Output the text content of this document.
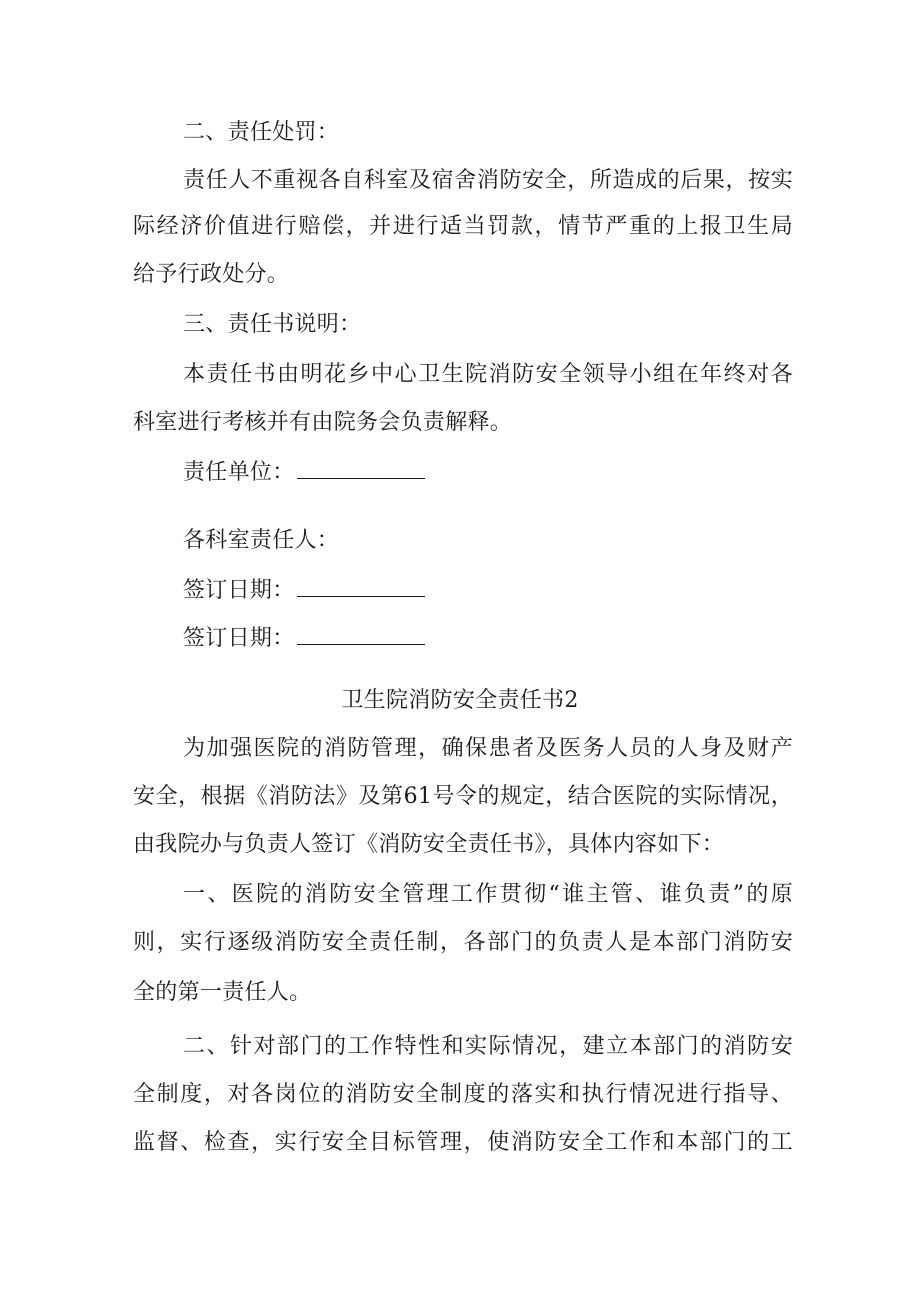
二、责任处罚：
责任人不重视各自科室及宿舍消防安全，所造成的后果，按实
际经济价值进行赔偿，并进行适当罚款，情节严重的上报卫生局
给予行政处分。
三、责任书说明：
本责任书由明花乡中心卫生院消防安全领导小组在年终对各
科室进行考核并有由院务会负责解释。
责任单位：
各科室责任人：
签订日期：
签订日期：
卫生院消防安全责任书2
为加强医院的消防管理，确保患者及医务人员的人身及财产
安全，根据《消防法》及第61号令的规定，结合医院的实际情况，
由我院办与负责人签订《消防安全责任书》，具体内容如下：
一、医院的消防安全管理工作贯彻“谁主管、谁负责”的原
则，实行逐级消防安全责任制，各部门的负责人是本部门消防安
全的第一责任人。
二、针对部门的工作特性和实际情况，建立本部门的消防安
全制度，对各岗位的消防安全制度的落实和执行情况进行指导、
监督、检查，实行安全目标管理，使消防安全工作和本部门的工
